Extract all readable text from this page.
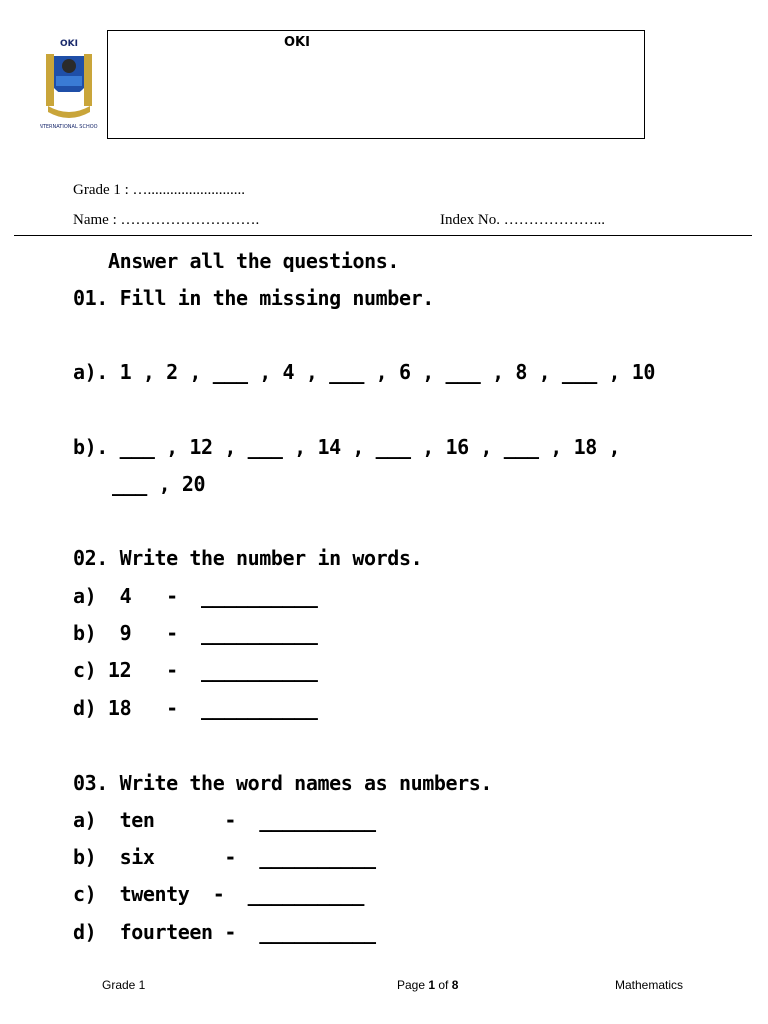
OKI
INTERNATIONAL SCHOOL
OKI
Grade 1 : …..........................
Name : ……………………….	Index No. ………………...
Answer all the questions.
01. Fill in the missing number.
a). 1 , 2 , ___ , 4 , ___ , 6 , ___ , 8 , ___ , 10
b). ___ , 12 , ___ , 14 , ___ , 16 , ___ , 18 ,
___ , 20
02. Write the number in words.
a)  4   -  __________
b)  9   -  __________
c) 12   -  __________
d) 18   -  __________
03. Write the word names as numbers.
a)  ten      -  __________
b)  six      -  __________
c)  twenty  -  __________
d)  fourteen -  __________
Grade 1	Page 1 of 8	Mathematics
